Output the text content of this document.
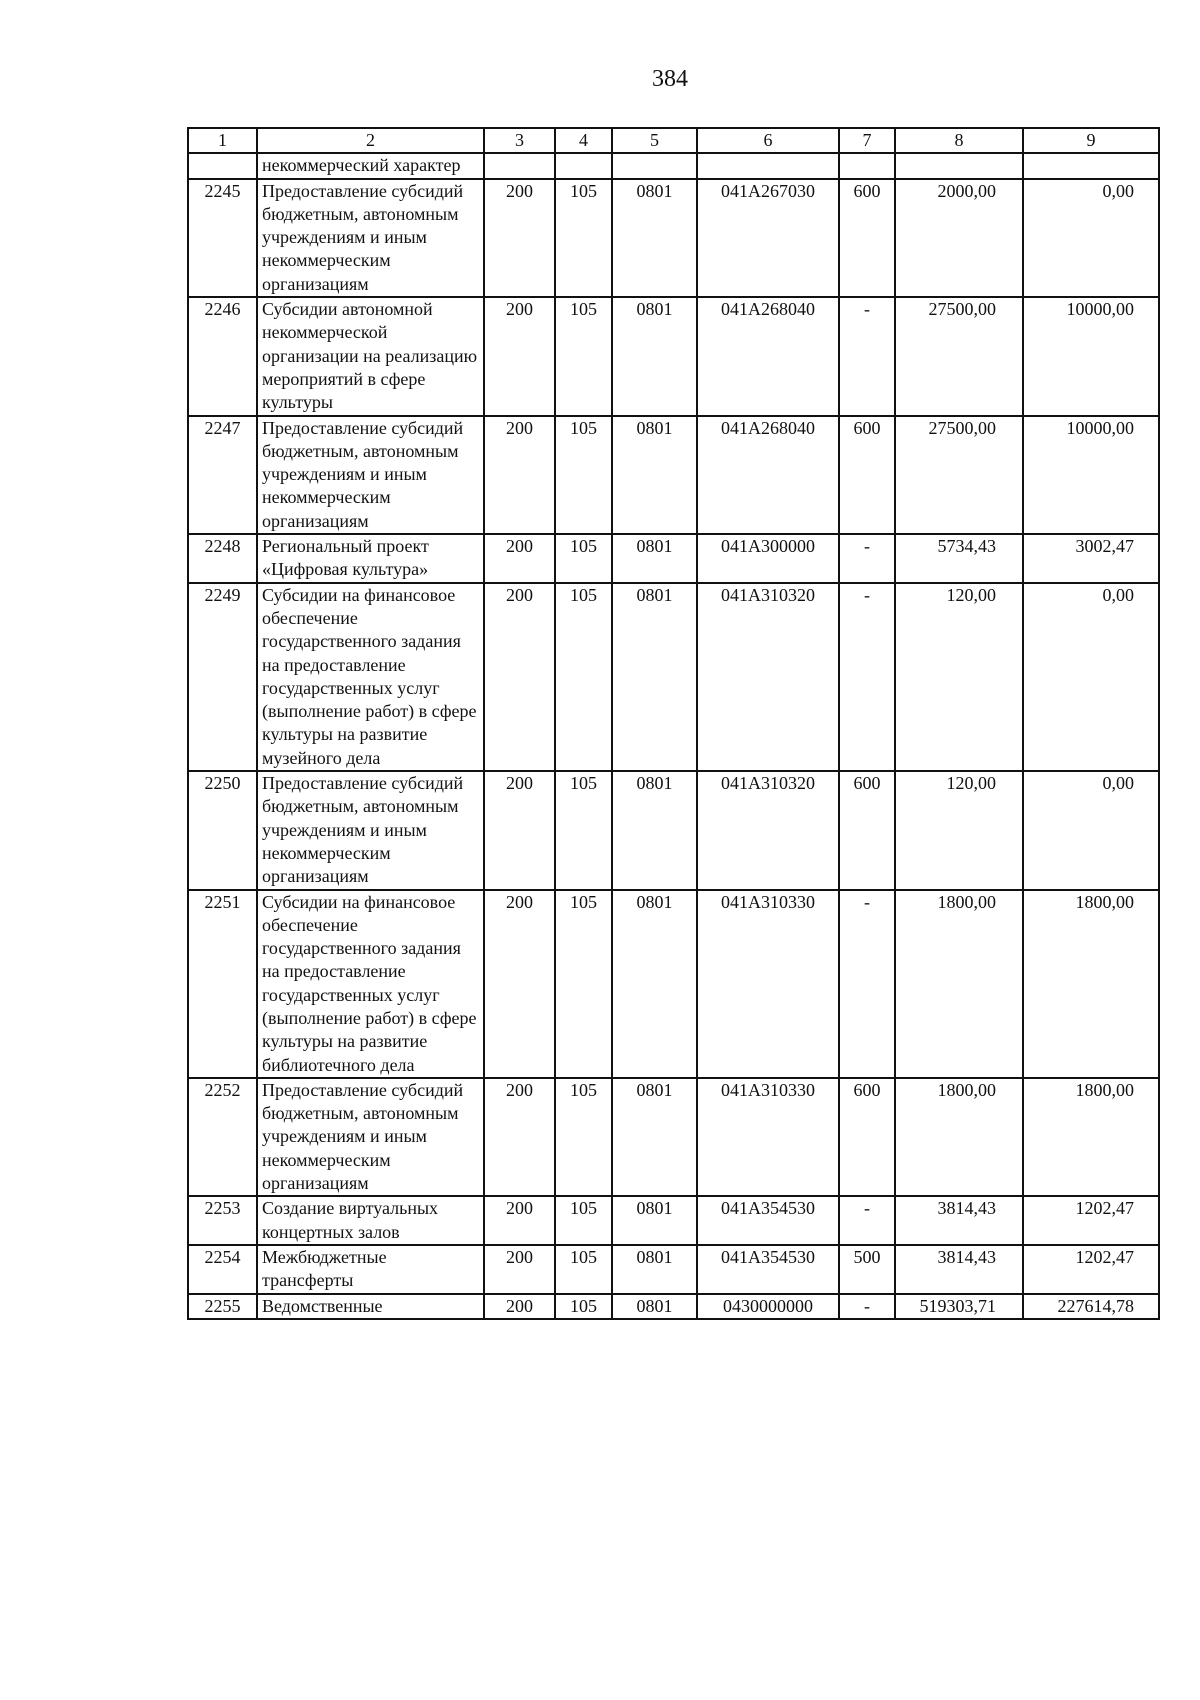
384
1	2	3	4	5	6	7	8	9
	некоммерческий характер							
2245	Предоставление субсидий бюджетным, автономным учреждениям и иным некоммерческим организациям	200	105	0801	041А267030	600	2000,00	0,00
2246	Субсидии автономной некоммерческой организации на реализацию мероприятий в сфере культуры	200	105	0801	041А268040	-	27500,00	10000,00
2247	Предоставление субсидий бюджетным, автономным учреждениям и иным некоммерческим организациям	200	105	0801	041А268040	600	27500,00	10000,00
2248	Региональный проект «Цифровая культура»	200	105	0801	041А300000	-	5734,43	3002,47
2249	Субсидии на финансовое обеспечение государственного задания на предоставление государственных услуг (выполнение работ) в сфере культуры на развитие музейного дела	200	105	0801	041А310320	-	120,00	0,00
2250	Предоставление субсидий бюджетным, автономным учреждениям и иным некоммерческим организациям	200	105	0801	041А310320	600	120,00	0,00
2251	Субсидии на финансовое обеспечение государственного задания на предоставление государственных услуг (выполнение работ) в сфере культуры на развитие библиотечного дела	200	105	0801	041А310330	-	1800,00	1800,00
2252	Предоставление субсидий бюджетным, автономным учреждениям и иным некоммерческим организациям	200	105	0801	041А310330	600	1800,00	1800,00
2253	Создание виртуальных концертных залов	200	105	0801	041А354530	-	3814,43	1202,47
2254	Межбюджетные трансферты	200	105	0801	041А354530	500	3814,43	1202,47
2255	Ведомственные	200	105	0801	0430000000	-	519303,71	227614,78
